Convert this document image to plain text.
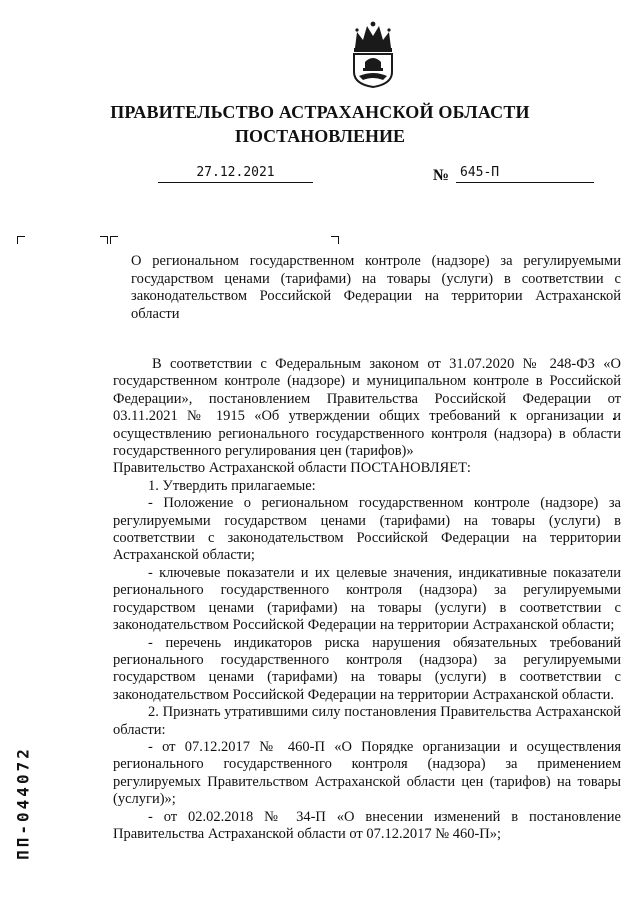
ПРАВИТЕЛЬСТВО АСТРАХАНСКОЙ ОБЛАСТИ
ПОСТАНОВЛЕНИЕ
27.12.2021	№ 645-П
О региональном государственном контроле (надзоре) за регулируемыми государством ценами (тарифами) на товары (услуги) в соответствии с законодательством Российской Федерации на территории Астраханской области

В соответствии с Федеральным законом от 31.07.2020 № 248-ФЗ «О государственном контроле (надзоре) и муниципальном контроле в Российской Федерации», постановлением Правительства Российской Федерации от 03.11.2021 № 1915 «Об утверждении общих требований к организации и осуществлению регионального государственного контроля (надзора) в области государственного регулирования цен (тарифов)»

Правительство Астраханской области ПОСТАНОВЛЯЕТ:

1. Утвердить прилагаемые:

- Положение о региональном государственном контроле (надзоре) за регулируемыми государством ценами (тарифами) на товары (услуги) в соответствии с законодательством Российской Федерации на территории Астраханской области;

- ключевые показатели и их целевые значения, индикативные показатели регионального государственного контроля (надзора) за регулируемыми государством ценами (тарифами) на товары (услуги) в соответствии с законодательством Российской Федерации на территории Астраханской области;

- перечень индикаторов риска нарушения обязательных требований регионального государственного контроля (надзора) за регулируемыми государством ценами (тарифами) на товары (услуги) в соответствии с законодательством Российской Федерации на территории Астраханской области.

2. Признать утратившими силу постановления Правительства Астраханской области:

- от 07.12.2017 № 460-П «О Порядке организации и осуществления регионального государственного контроля (надзора) за применением регулируемых Правительством Астраханской области цен (тарифов) на товары (услуги)»;

- от 02.02.2018 № 34-П «О внесении изменений в постановление Правительства Астраханской области от 07.12.2017 № 460-П»;

ПП-044072
